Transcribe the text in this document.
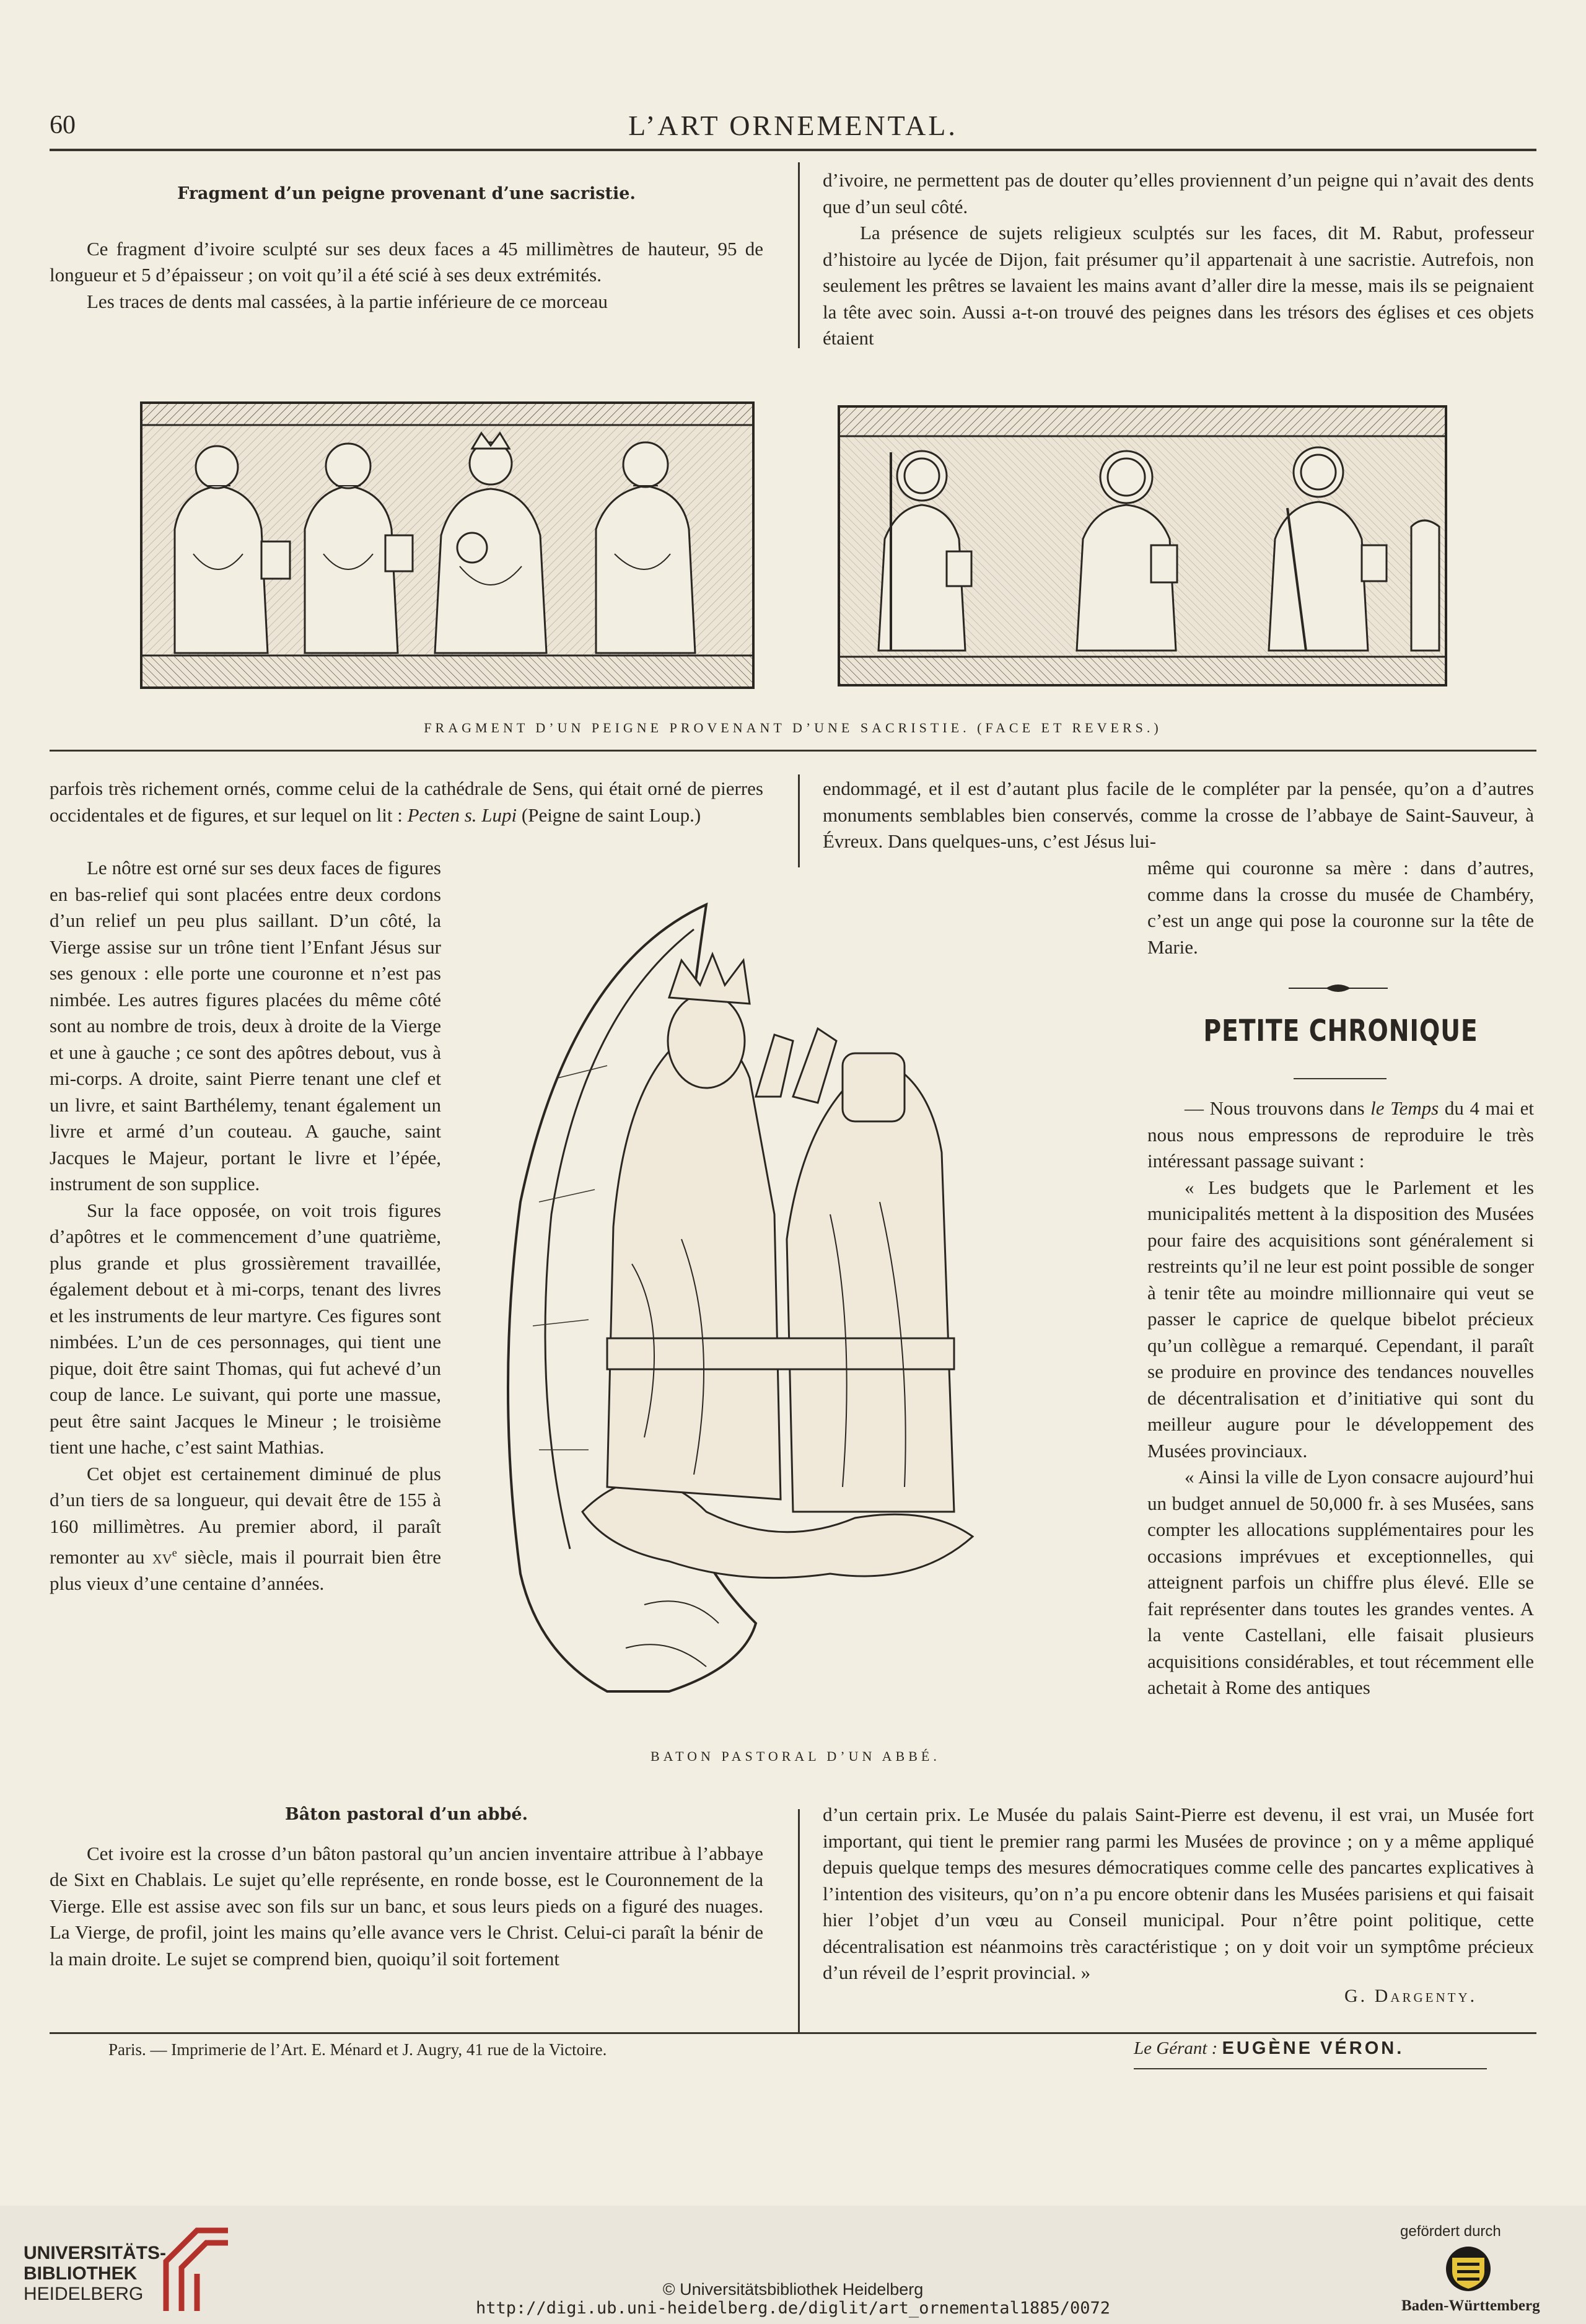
60	L’ART ORNEMENTAL.
Fragment d’un peigne provenant d’une sacristie.

Ce fragment d’ivoire sculpté sur ses deux faces a 45 millimètres de hauteur, 95 de longueur et 5 d’épaisseur ; on voit qu’il a été scié à ses deux extrémités.

Les traces de dents mal cassées, à la partie inférieure de ce morceau

d’ivoire, ne permettent pas de douter qu’elles proviennent d’un peigne qui n’avait des dents que d’un seul côté.

La présence de sujets religieux sculptés sur les faces, dit M. Rabut, professeur d’histoire au lycée de Dijon, fait présumer qu’il appartenait à une sacristie. Autrefois, non seulement les prêtres se lavaient les mains avant d’aller dire la messe, mais ils se peignaient la tête avec soin. Aussi a-t-on trouvé des peignes dans les trésors des églises et ces objets étaient

FRAGMENT D’UN PEIGNE PROVENANT D’UNE SACRISTIE. (FACE ET REVERS.)

parfois très richement ornés, comme celui de la cathédrale de Sens, qui était orné de pierres occidentales et de figures, et sur lequel on lit : Pecten s. Lupi (Peigne de saint Loup.)

Le nôtre est orné sur ses deux faces de figures en bas-relief qui sont placées entre deux cordons d’un relief un peu plus saillant. D’un côté, la Vierge assise sur un trône tient l’Enfant Jésus sur ses genoux : elle porte une couronne et n’est pas nimbée. Les autres figures placées du même côté sont au nombre de trois, deux à droite de la Vierge et une à gauche ; ce sont des apôtres debout, vus à mi-corps. A droite, saint Pierre tenant une clef et un livre, et saint Barthélemy, tenant également un livre et armé d’un couteau. A gauche, saint Jacques le Majeur, portant le livre et l’épée, instrument de son supplice.

Sur la face opposée, on voit trois figures d’apôtres et le commencement d’une quatrième, plus grande et plus grossièrement travaillée, également debout et à mi-corps, tenant des livres et les instruments de leur martyre. Ces figures sont nimbées. L’un de ces personnages, qui tient une pique, doit être saint Thomas, qui fut achevé d’un coup de lance. Le suivant, qui porte une massue, peut être saint Jacques le Mineur ; le troisième tient une hache, c’est saint Mathias.

Cet objet est certainement diminué de plus d’un tiers de sa longueur, qui devait être de 155 à 160 millimètres. Au premier abord, il paraît remonter au $xv^e$ siècle, mais il pourrait bien être plus vieux d’une centaine d’années.

Bâton pastoral d’un abbé.

Cet ivoire est la crosse d’un bâton pastoral qu’un ancien inventaire attribue à l’abbaye de Sixt en Chablais. Le sujet qu’elle représente, en ronde bosse, est le Couronnement de la Vierge. Elle est assise avec son fils sur un banc, et sous leurs pieds on a figuré des nuages. La Vierge, de profil, joint les mains qu’elle avance vers le Christ. Celui-ci paraît la bénir de la main droite. Le sujet se comprend bien, quoiqu’il soit fortement

endommagé, et il est d’autant plus facile de le compléter par la pensée, qu’on a d’autres monuments semblables bien conservés, comme la crosse de l’abbaye de Saint-Sauveur, à Évreux. Dans quelques-uns, c’est Jésus lui-

même qui couronne sa mère : dans d’autres, comme dans la crosse du musée de Chambéry, c’est un ange qui pose la couronne sur la tête de Marie.

BATON PASTORAL D’UN ABBÉ.
PETITE CHRONIQUE

— Nous trouvons dans le Temps du 4 mai et nous nous empressons de reproduire le très intéressant passage suivant :

« Les budgets que le Parlement et les municipalités mettent à la disposition des Musées pour faire des acquisitions sont généralement si restreints qu’il ne leur est point possible de songer à tenir tête au moindre millionnaire qui veut se passer le caprice de quelque bibelot précieux qu’un collègue a remarqué. Cependant, il paraît se produire en province des tendances nouvelles de décentralisation et d’initiative qui sont du meilleur augure pour le développement des Musées provinciaux.

« Ainsi la ville de Lyon consacre aujourd’hui un budget annuel de 50,000 fr. à ses Musées, sans compter les allocations supplémentaires pour les occasions imprévues et exceptionnelles, qui atteignent parfois un chiffre plus élevé. Elle se fait représenter dans toutes les grandes ventes. A la vente Castellani, elle faisait plusieurs acquisitions considérables, et tout récemment elle achetait à Rome des antiques

d’un certain prix. Le Musée du palais Saint-Pierre est devenu, il est vrai, un Musée fort important, qui tient le premier rang parmi les Musées de province ; on y a même appliqué depuis quelque temps des mesures démocratiques comme celle des pancartes explicatives à l’intention des visiteurs, qu’on n’a pu encore obtenir dans les Musées parisiens et qui faisait hier l’objet d’un vœu au Conseil municipal. Pour n’être point politique, cette décentralisation est néanmoins très caractéristique ; on y doit voir un symptôme précieux d’un réveil de l’esprit provincial. »

G. Dargenty.
Paris. — Imprimerie de l’Art. E. Ménard et J. Augry, 41 rue de la Victoire.	Le Gérant : EUGÈNE VÉRON.
UNIVERSITÄTS-
BIBLIOTHEK
HEIDELBERG	© Universitätsbibliothek Heidelberg
http://digi.ub.uni-heidelberg.de/diglit/art_ornemental1885/0072
gefördert durch
Baden-Württemberg
